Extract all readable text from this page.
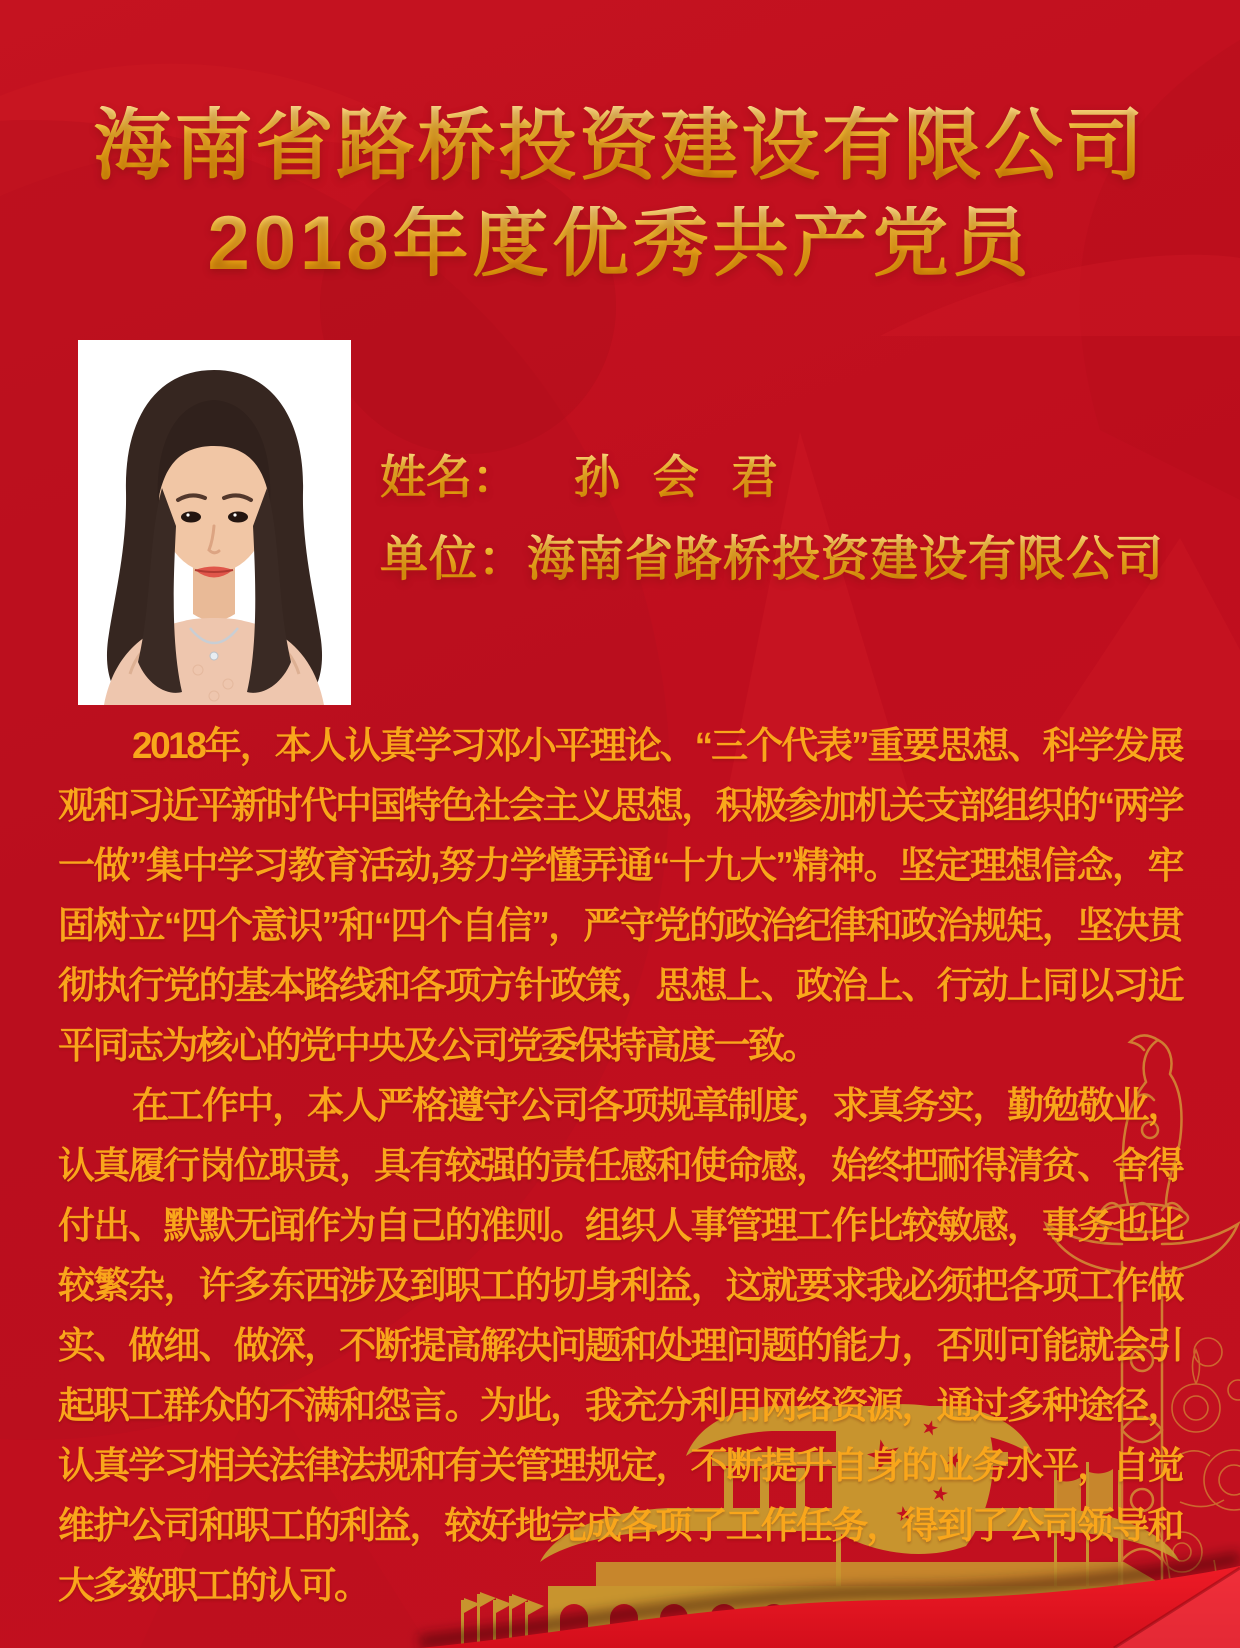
海南省路桥投资建设有限公司
2018年度优秀共产党员
姓名： 孙 会 君
单位：海南省路桥投资建设有限公司

2018年，本人认真学习邓小平理论、“三个代表”重要思想、科学发展观和习近平新时代中国特色社会主义思想，积极参加机关支部组织的“两学一做”集中学习教育活动,努力学懂弄通“十九大”精神。坚定理想信念，牢固树立“四个意识”和“四个自信”，严守党的政治纪律和政治规矩，坚决贯彻执行党的基本路线和各项方针政策，思想上、政治上、行动上同以习近平同志为核心的党中央及公司党委保持高度一致。

在工作中，本人严格遵守公司各项规章制度，求真务实，勤勉敬业，认真履行岗位职责，具有较强的责任感和使命感，始终把耐得清贫、舍得付出、默默无闻作为自己的准则。组织人事管理工作比较敏感，事务也比较繁杂，许多东西涉及到职工的切身利益，这就要求我必须把各项工作做实、做细、做深，不断提高解决问题和处理问题的能力，否则可能就会引起职工群众的不满和怨言。为此，我充分利用网络资源，通过多种途径，认真学习相关法律法规和有关管理规定，不断提升自身的业务水平，自觉维护公司和职工的利益，较好地完成各项了工作任务，得到了公司领导和大多数职工的认可。
